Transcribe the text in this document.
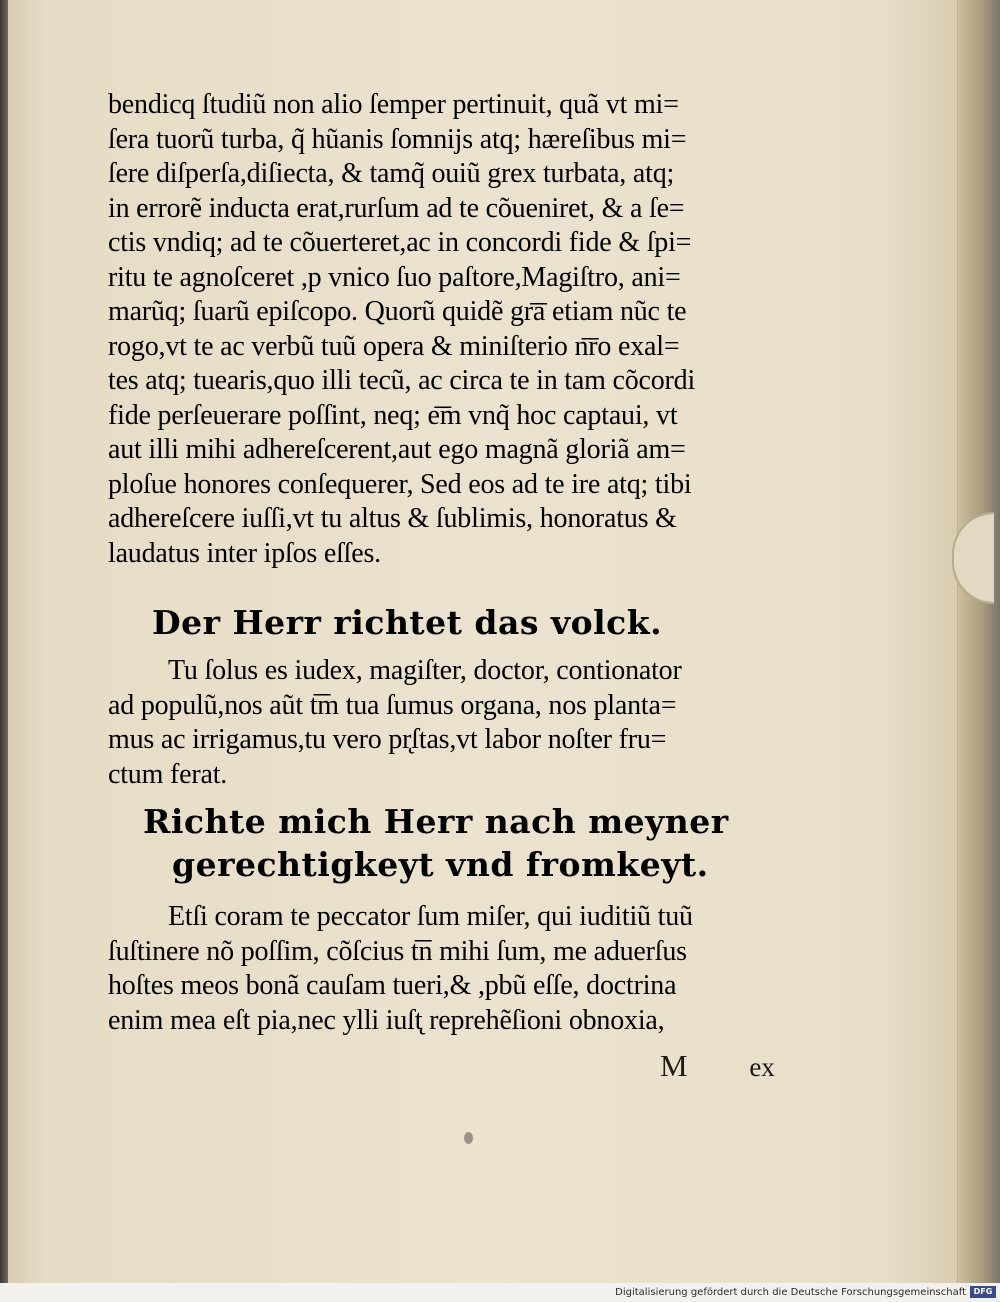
bendicq ſtudiũ non alio ſemper pertinuit, quã vt mi=
ſera tuorũ turba, q̃ hũanis ſomnijs atq; hæreſibus mi=
ſere diſperſa,diſiecta, & tamq̃ ouiũ grex turbata, atq;
in errorẽ inducta erat,rurſum ad te cõueniret, & a ſe=
ctis vndiq; ad te cõuerteret,ac in concordi fide & ſpi=
ritu te agnoſceret ,p vnico ſuo paſtore,Magiſtro, ani=
marũq; ſuarũ epiſcopo. Quorũ quidẽ gr͞a etiam nũc te
rogo,vt te ac verbũ tuũ opera & miniſterio n͞ro exal=
tes atq; tuearis,quo illi tecũ, ac circa te in tam cõcordi
fide perſeuerare poſſint, neq; e͞m vnq̃ hoc captaui, vt
aut illi mihi adhereſcerent,aut ego magnã gloriã am=
ploſue honores conſequerer, Sed eos ad te ire atq; tibi
adhereſcere iuſſi,vt tu altus & ſublimis, honoratus &
laudatus inter ipſos eſſes.
Der Herr richtet das volck.
Tu ſolus es iudex, magiſter, doctor, contionator
ad populũ,nos aũt t͞m tua ſumus organa, nos planta=
mus ac irrigamus,tu vero pr̨ſtas,vt labor noſter fru=
ctum ferat.
Richte mich Herr nach meyner
gerechtigkeyt vnd fromkeyt.
Etſi coram te peccator ſum miſer, qui iuditiũ tuũ
ſuſtinere nõ poſſim, cõſcius t͞n mihi ſum, me aduerſus
hoſtes meos bonã cauſam tueri,& ,pbũ eſſe, doctrina
enim mea eſt pia,nec ylli iuſt̨ reprehẽſioni obnoxia,
M ex
Digitalisierung gefördert durch die Deutsche Forschungsgemeinschaft DFG
